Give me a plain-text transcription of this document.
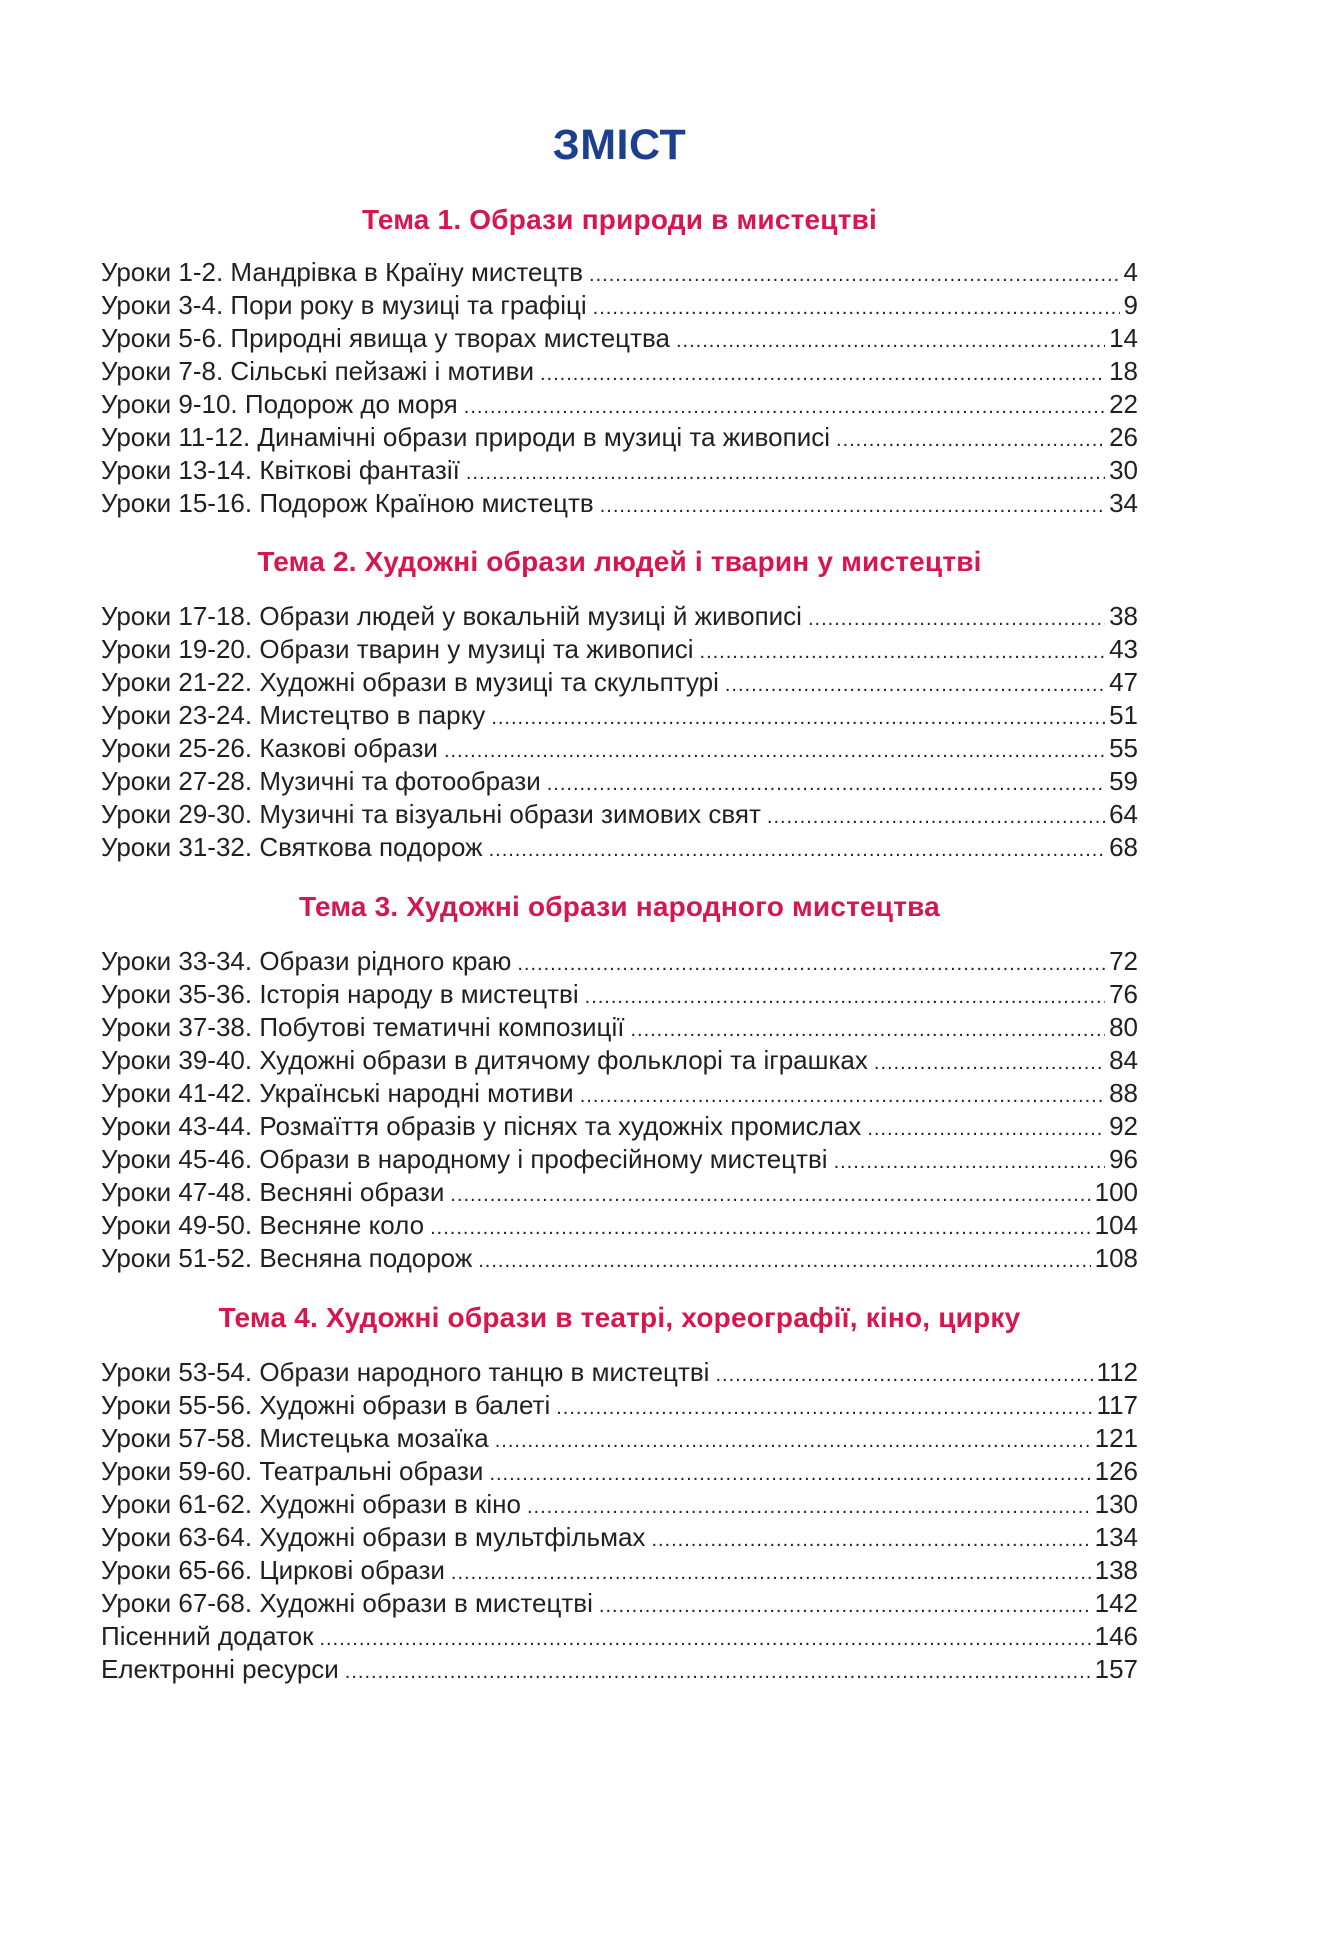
ЗМІСТ
Тема 1. Образи природи в мистецтві
Уроки 1-2. Мандрівка в Країну мистецтв .....	4
Уроки 3-4. Пори року в музиці та графіці .....	9
Уроки 5-6. Природні явища у творах мистецтва .....	14
Уроки 7-8. Сільські пейзажі і мотиви .....	18
Уроки 9-10. Подорож до моря .....	22
Уроки 11-12. Динамічні образи природи в музиці та живописі .....	26
Уроки 13-14. Квіткові фантазії .....	30
Уроки 15-16. Подорож Країною мистецтв .....	34
Тема 2. Художні образи людей і тварин у мистецтві
Уроки 17-18. Образи людей у вокальній музиці й живописі .....	38
Уроки 19-20. Образи тварин у музиці та живописі .....	43
Уроки 21-22. Художні образи в музиці та скульптурі .....	47
Уроки 23-24. Мистецтво в парку .....	51
Уроки 25-26. Казкові образи .....	55
Уроки 27-28. Музичні та фотообрази .....	59
Уроки 29-30. Музичні та візуальні образи зимових свят .....	64
Уроки 31-32. Святкова подорож .....	68
Тема 3. Художні образи народного мистецтва
Уроки 33-34. Образи рідного краю .....	72
Уроки 35-36. Історія народу в мистецтві .....	76
Уроки 37-38. Побутові тематичні композиції .....	80
Уроки 39-40. Художні образи в дитячому фольклорі та іграшках .....	84
Уроки 41-42. Українські народні мотиви .....	88
Уроки 43-44. Розмаїття образів у піснях та художніх промислах .....	92
Уроки 45-46. Образи в народному і професійному мистецтві .....	96
Уроки 47-48. Весняні образи .....	100
Уроки 49-50. Весняне коло .....	104
Уроки 51-52. Весняна подорож .....	108
Тема 4. Художні образи в театрі, хореографії, кіно, цирку
Уроки 53-54. Образи народного танцю в мистецтві .....	112
Уроки 55-56. Художні образи в балеті .....	117
Уроки 57-58. Мистецька мозаїка .....	121
Уроки 59-60. Театральні образи .....	126
Уроки 61-62. Художні образи в кіно .....	130
Уроки 63-64. Художні образи в мультфільмах .....	134
Уроки 65-66. Циркові образи .....	138
Уроки 67-68. Художні образи в мистецтві .....	142
Пісенний додаток .....	146
Електронні ресурси .....	157
